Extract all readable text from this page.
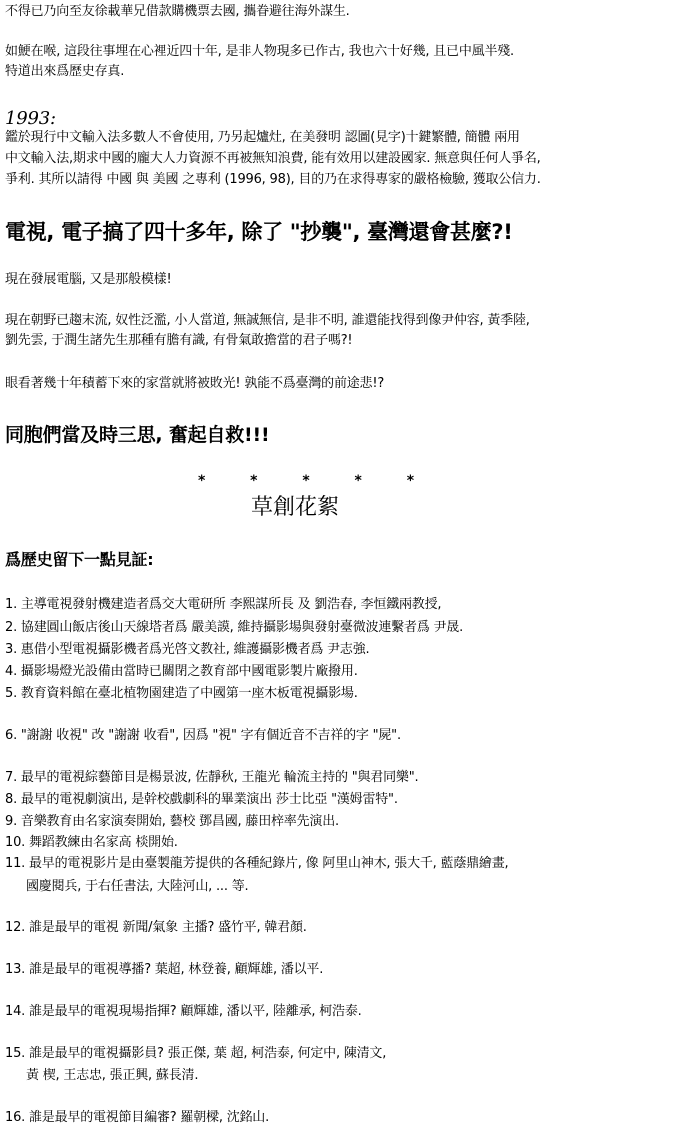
不得已乃向至友徐載華兄借款購機票去國, 攜眷避往海外謀生.
如鯁在喉, 這段往事埋在心裡近四十年, 是非人物現多已作古, 我也六十好幾, 且已中風半殘.
特道出來爲歷史存真.
1993:
鑑於現行中文輸入法多數人不會使用, 乃另起爐灶, 在美發明 認圖(見字)十鍵繁體, 簡體 兩用
中文輸入法,期求中國的龐大人力資源不再被無知浪費, 能有效用以建設國家. 無意與任何人爭名,
爭利. 其所以請得 中國 與 美國 之專利 (1996, 98), 目的乃在求得專家的嚴格檢驗, 獲取公信力.
電視, 電子搞了四十多年, 除了 "抄襲", 臺灣還會甚麼?!
現在發展電腦, 又是那般模樣!
現在朝野已趨末流, 奴性泛濫, 小人當道, 無誠無信, 是非不明, 誰還能找得到像尹仲容, 黃季陸,
劉先雲, 于潤生諸先生那種有膽有識, 有骨氣敢擔當的君子嗎?!
眼看著幾十年積蓄下來的家當就將被敗光! 孰能不爲臺灣的前途悲!?
同胞們當及時三思, 奮起自救!!!
* * * * *
草創花絮
爲歷史留下一點見証:
1. 主導電視發射機建造者爲交大電研所 李熙謀所長 及 劉浩春, 李恒鐵兩教授,
2. 協建圓山飯店後山天線塔者爲 嚴美謨, 維持攝影場與發射臺微波連繫者爲 尹晟.
3. 惠借小型電視攝影機者爲光啓文教社, 維護攝影機者爲 尹志強.
4. 攝影場燈光設備由當時已關閉之教育部中國電影製片廠撥用.
5. 教育資料館在臺北植物園建造了中國第一座木板電視攝影場.
6. "謝謝 收視" 改 "謝謝 收看", 因爲 "視" 字有個近音不吉祥的字 "屍".
7. 最早的電視綜藝節目是楊景波, 佐靜秋, 王龍光 輪流主持的 "與君同樂".
8. 最早的電視劇演出, 是幹校戲劇科的畢業演出 莎士比亞 "漢姆雷特".
9. 音樂教育由名家演奏開始, 藝校 鄧昌國, 藤田梓率先演出.
10. 舞蹈教練由名家高 棪開始.
11. 最早的電視影片是由臺製龍芳提供的各種紀錄片, 像 阿里山神木, 張大千, 藍蔭鼎繪畫,
國慶閱兵, 于右任書法, 大陸河山, ... 等.
12. 誰是最早的電視 新聞/氣象 主播? 盛竹平, 韓君顏.
13. 誰是最早的電視導播? 葉超, 林登養, 顧輝雄, 潘以平.
14. 誰是最早的電視現場指揮? 顧輝雄, 潘以平, 陸離承, 柯浩泰.
15. 誰是最早的電視攝影員? 張正傑, 葉 超, 柯浩泰, 何定中, 陳清文,
黃 楔, 王志忠, 張正興, 蘇長清.
16. 誰是最早的電視節目編審? 羅朝樑, 沈銘山.
